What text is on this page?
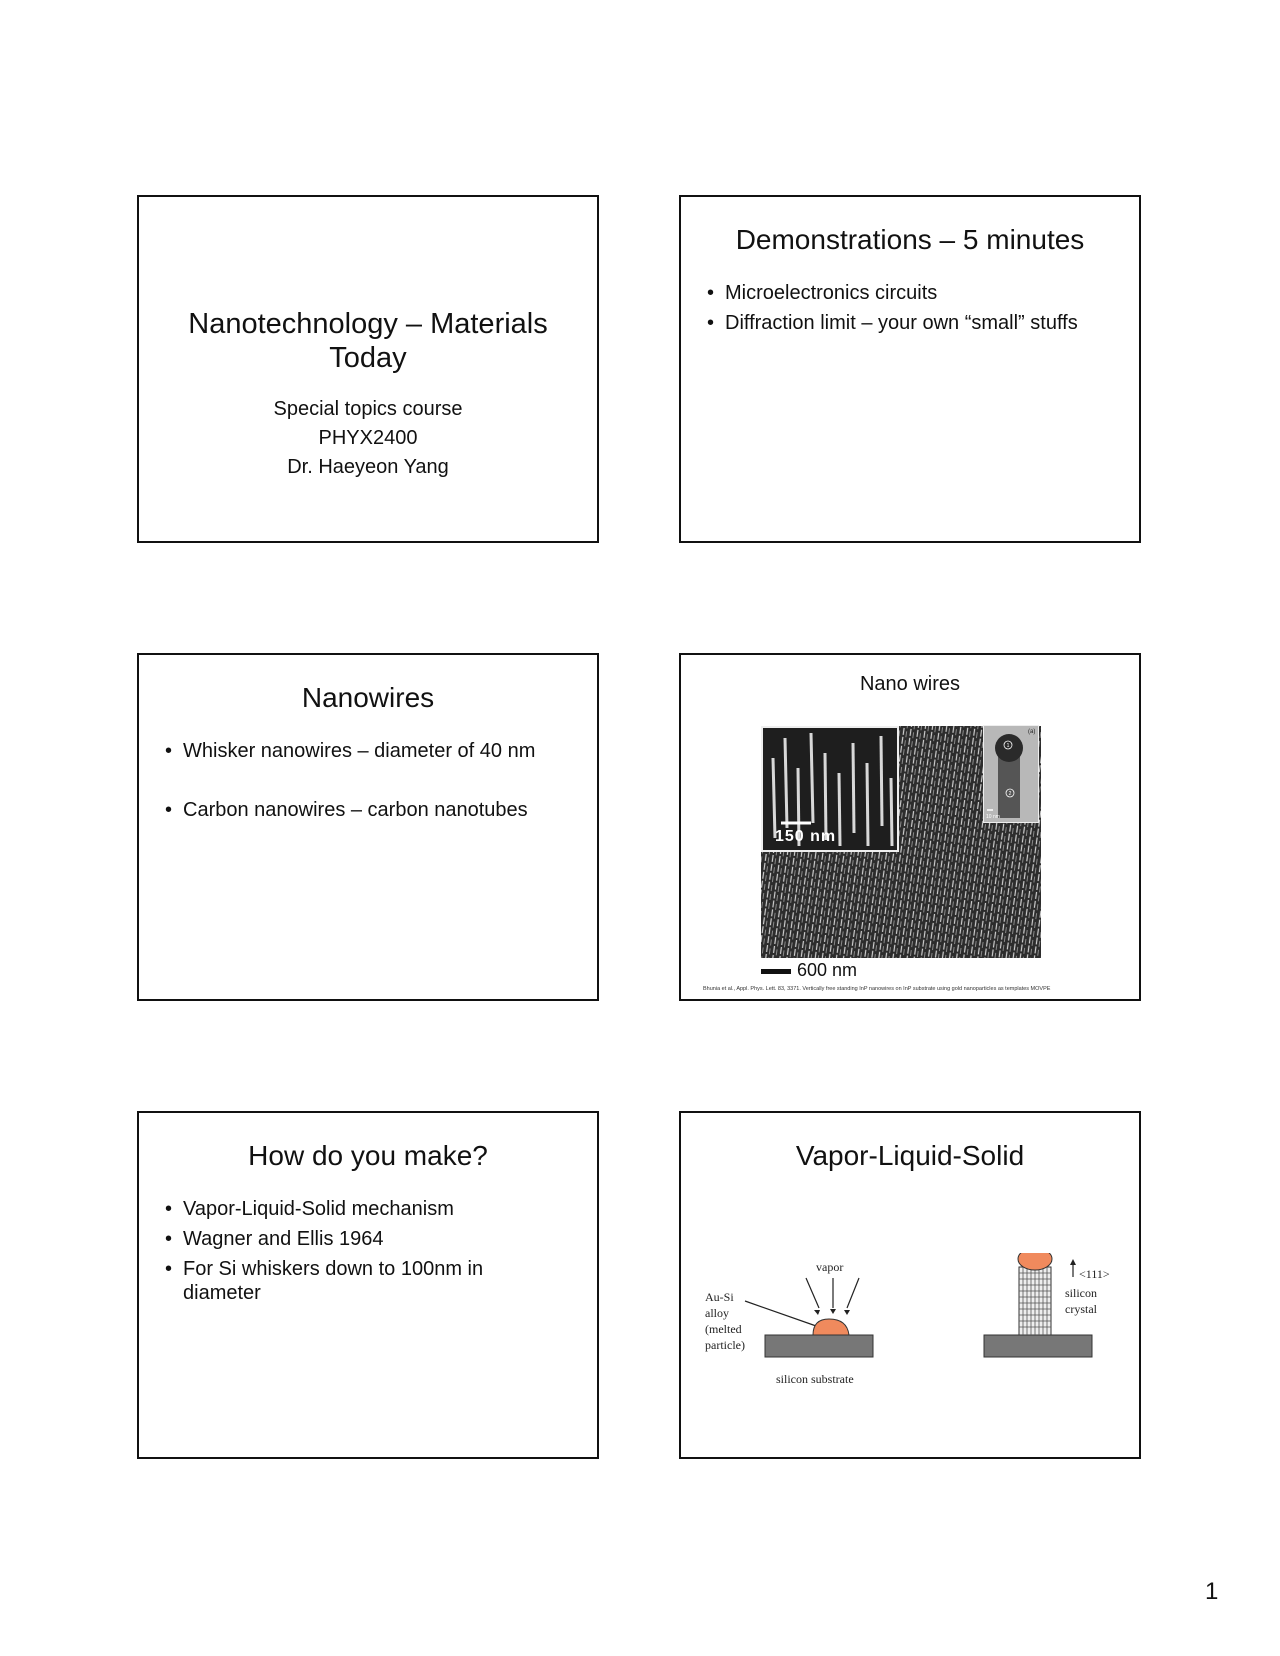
Nanotechnology – Materials Today
Special topics course
PHYX2400
Dr. Haeyeon Yang
Demonstrations – 5 minutes
• Microelectronics circuits
• Diffraction limit – your own “small” stuffs
Nanowires
• Whisker nanowires – diameter of 40 nm
• Carbon nanowires – carbon nanotubes
Nano wires
150 nm
1
2
(a)
10 nm
600 nm
Bhunia et al., Appl. Phys. Lett. 83, 3371. Vertically free standing InP nanowires on InP substrate using gold nanoparticles as templates MOVPE
How do you make?
• Vapor-Liquid-Solid mechanism
• Wagner and Ellis 1964
• For Si whiskers down to 100nm in diameter
Vapor-Liquid-Solid
vapor
Au-Si
alloy
(melted
particle)
silicon substrate
<111>
silicon
crystal
1
